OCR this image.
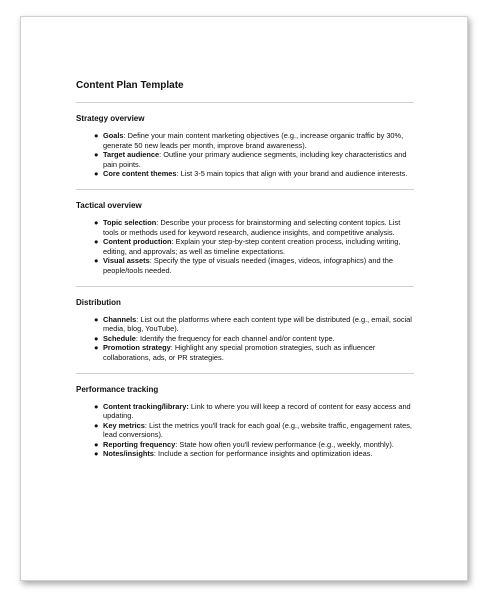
Content Plan Template

Strategy overview

● Goals: Define your main content marketing objectives (e.g., increase organic traffic by 30%, generate 50 new leads per month, improve brand awareness).
● Target audience: Outline your primary audience segments, including key characteristics and pain points.
● Core content themes: List 3-5 main topics that align with your brand and audience interests.

Tactical overview

● Topic selection: Describe your process for brainstorming and selecting content topics. List tools or methods used for keyword research, audience insights, and competitive analysis.
● Content production: Explain your step-by-step content creation process, including writing, editing, and approvals; as well as timeline expectations.
● Visual assets: Specify the type of visuals needed (images, videos, infographics) and the people/tools needed.

Distribution

● Channels: List out the platforms where each content type will be distributed (e.g., email, social media, blog, YouTube).
● Schedule: Identify the frequency for each channel and/or content type.
● Promotion strategy: Highlight any special promotion strategies, such as influencer collaborations, ads, or PR strategies.

Performance tracking

● Content tracking/library: Link to where you will keep a record of content for easy access and updating.
● Key metrics: List the metrics you'll track for each goal (e.g., website traffic, engagement rates, lead conversions).
● Reporting frequency: State how often you'll review performance (e.g., weekly, monthly).
● Notes/insights: Include a section for performance insights and optimization ideas.
